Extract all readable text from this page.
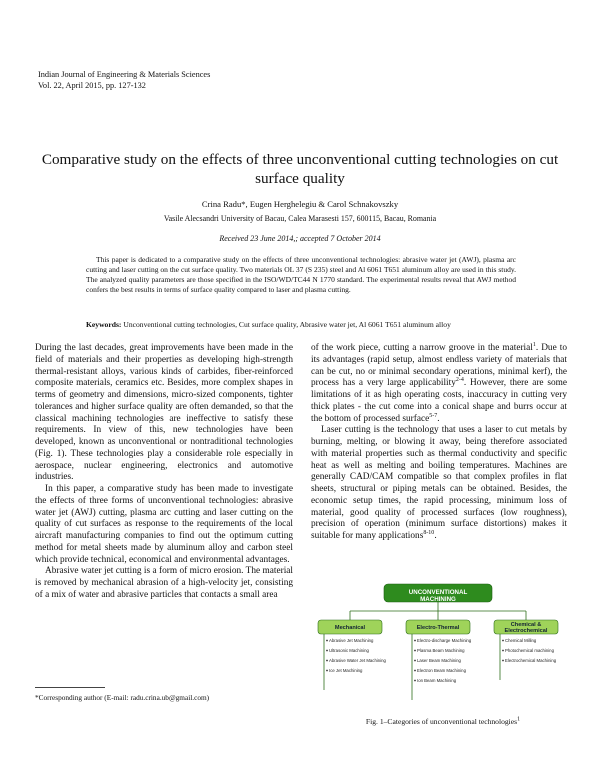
Indian Journal of Engineering & Materials Sciences
Vol. 22, April 2015, pp. 127-132
Comparative study on the effects of three unconventional cutting technologies on cut surface quality
Crina Radu*, Eugen Herghelegiu & Carol Schnakovszky
Vasile Alecsandri University of Bacau, Calea Marasesti 157, 600115, Bacau, Romania
Received 23 June 2014,; accepted 7 October 2014
This paper is dedicated to a comparative study on the effects of three unconventional technologies: abrasive water jet (AWJ), plasma arc cutting and laser cutting on the cut surface quality. Two materials OL 37 (S 235) steel and Al 6061 T651 aluminum alloy are used in this study. The analyzed quality parameters are those specified in the ISO/WD/TC44 N 1770 standard. The experimental results reveal that AWJ method confers the best results in terms of surface quality compared to laser and plasma cutting.
Keywords: Unconventional cutting technologies, Cut surface quality, Abrasive water jet, Al 6061 T651 aluminum alloy

During the last decades, great improvements have been made in the field of materials and their properties as developing high-strength thermal-resistant alloys, various kinds of carbides, fiber-reinforced composite materials, ceramics etc. Besides, more complex shapes in terms of geometry and dimensions, micro-sized components, tighter tolerances and higher surface quality are often demanded, so that the classical machining technologies are ineffective to satisfy these requirements. In view of this, new technologies have been developed, known as unconventional or nontraditional technologies (Fig. 1). These technologies play a considerable role especially in aerospace, nuclear engineering, electronics and automotive industries.

In this paper, a comparative study has been made to investigate the effects of three forms of unconventional technologies: abrasive water jet (AWJ) cutting, plasma arc cutting and laser cutting on the quality of cut surfaces as response to the requirements of the local aircraft manufacturing companies to find out the optimum cutting method for metal sheets made by aluminum alloy and carbon steel which provide technical, economical and environmental advantages.

Abrasive water jet cutting is a form of micro erosion. The material is removed by mechanical abrasion of a high-velocity jet, consisting of a mix of water and abrasive particles that contacts a small area

of the work piece, cutting a narrow groove in the material$^1$. Due to its advantages (rapid setup, almost endless variety of materials that can be cut, no or minimal secondary operations, minimal kerf), the process has a very large applicability$^{2-4}$. However, there are some limitations of it as high operating costs, inaccuracy in cutting very thick plates - the cut come into a conical shape and burrs occur at the bottom of processed surface$^{5-7}$.

Laser cutting is the technology that uses a laser to cut metals by burning, melting, or blowing it away, being therefore associated with material properties such as thermal conductivity and specific heat as well as melting and boiling temperatures. Machines are generally CAD/CAM compatible so that complex profiles in flat sheets, structural or piping metals can be obtained. Besides, the economic setup times, the rapid processing, minimum loss of material, good quality of processed surfaces (low roughness), precision of operation (minimum surface distortions) makes it suitable for many applications$^{8-10}$.

UNCONVENTIONAL MACHINING
Mechanical
Abrasive Jet Machining
Ultrasonic Machining
Abrasive Water Jet Machining
Ice Jet Machining
Electro-Thermal
Electro-discharge Machining
Plasma Beam Machining
Laser Beam Machining
Electron Beam Machining
Ion Beam Machining
Chemical & Electrochemical
Chemical Milling
Photochemical machining
Electrochemical Machining
*Corresponding author (E-mail: radu.crina.ub@gmail.com)
Fig. 1–Categories of unconventional technologies$^1$
